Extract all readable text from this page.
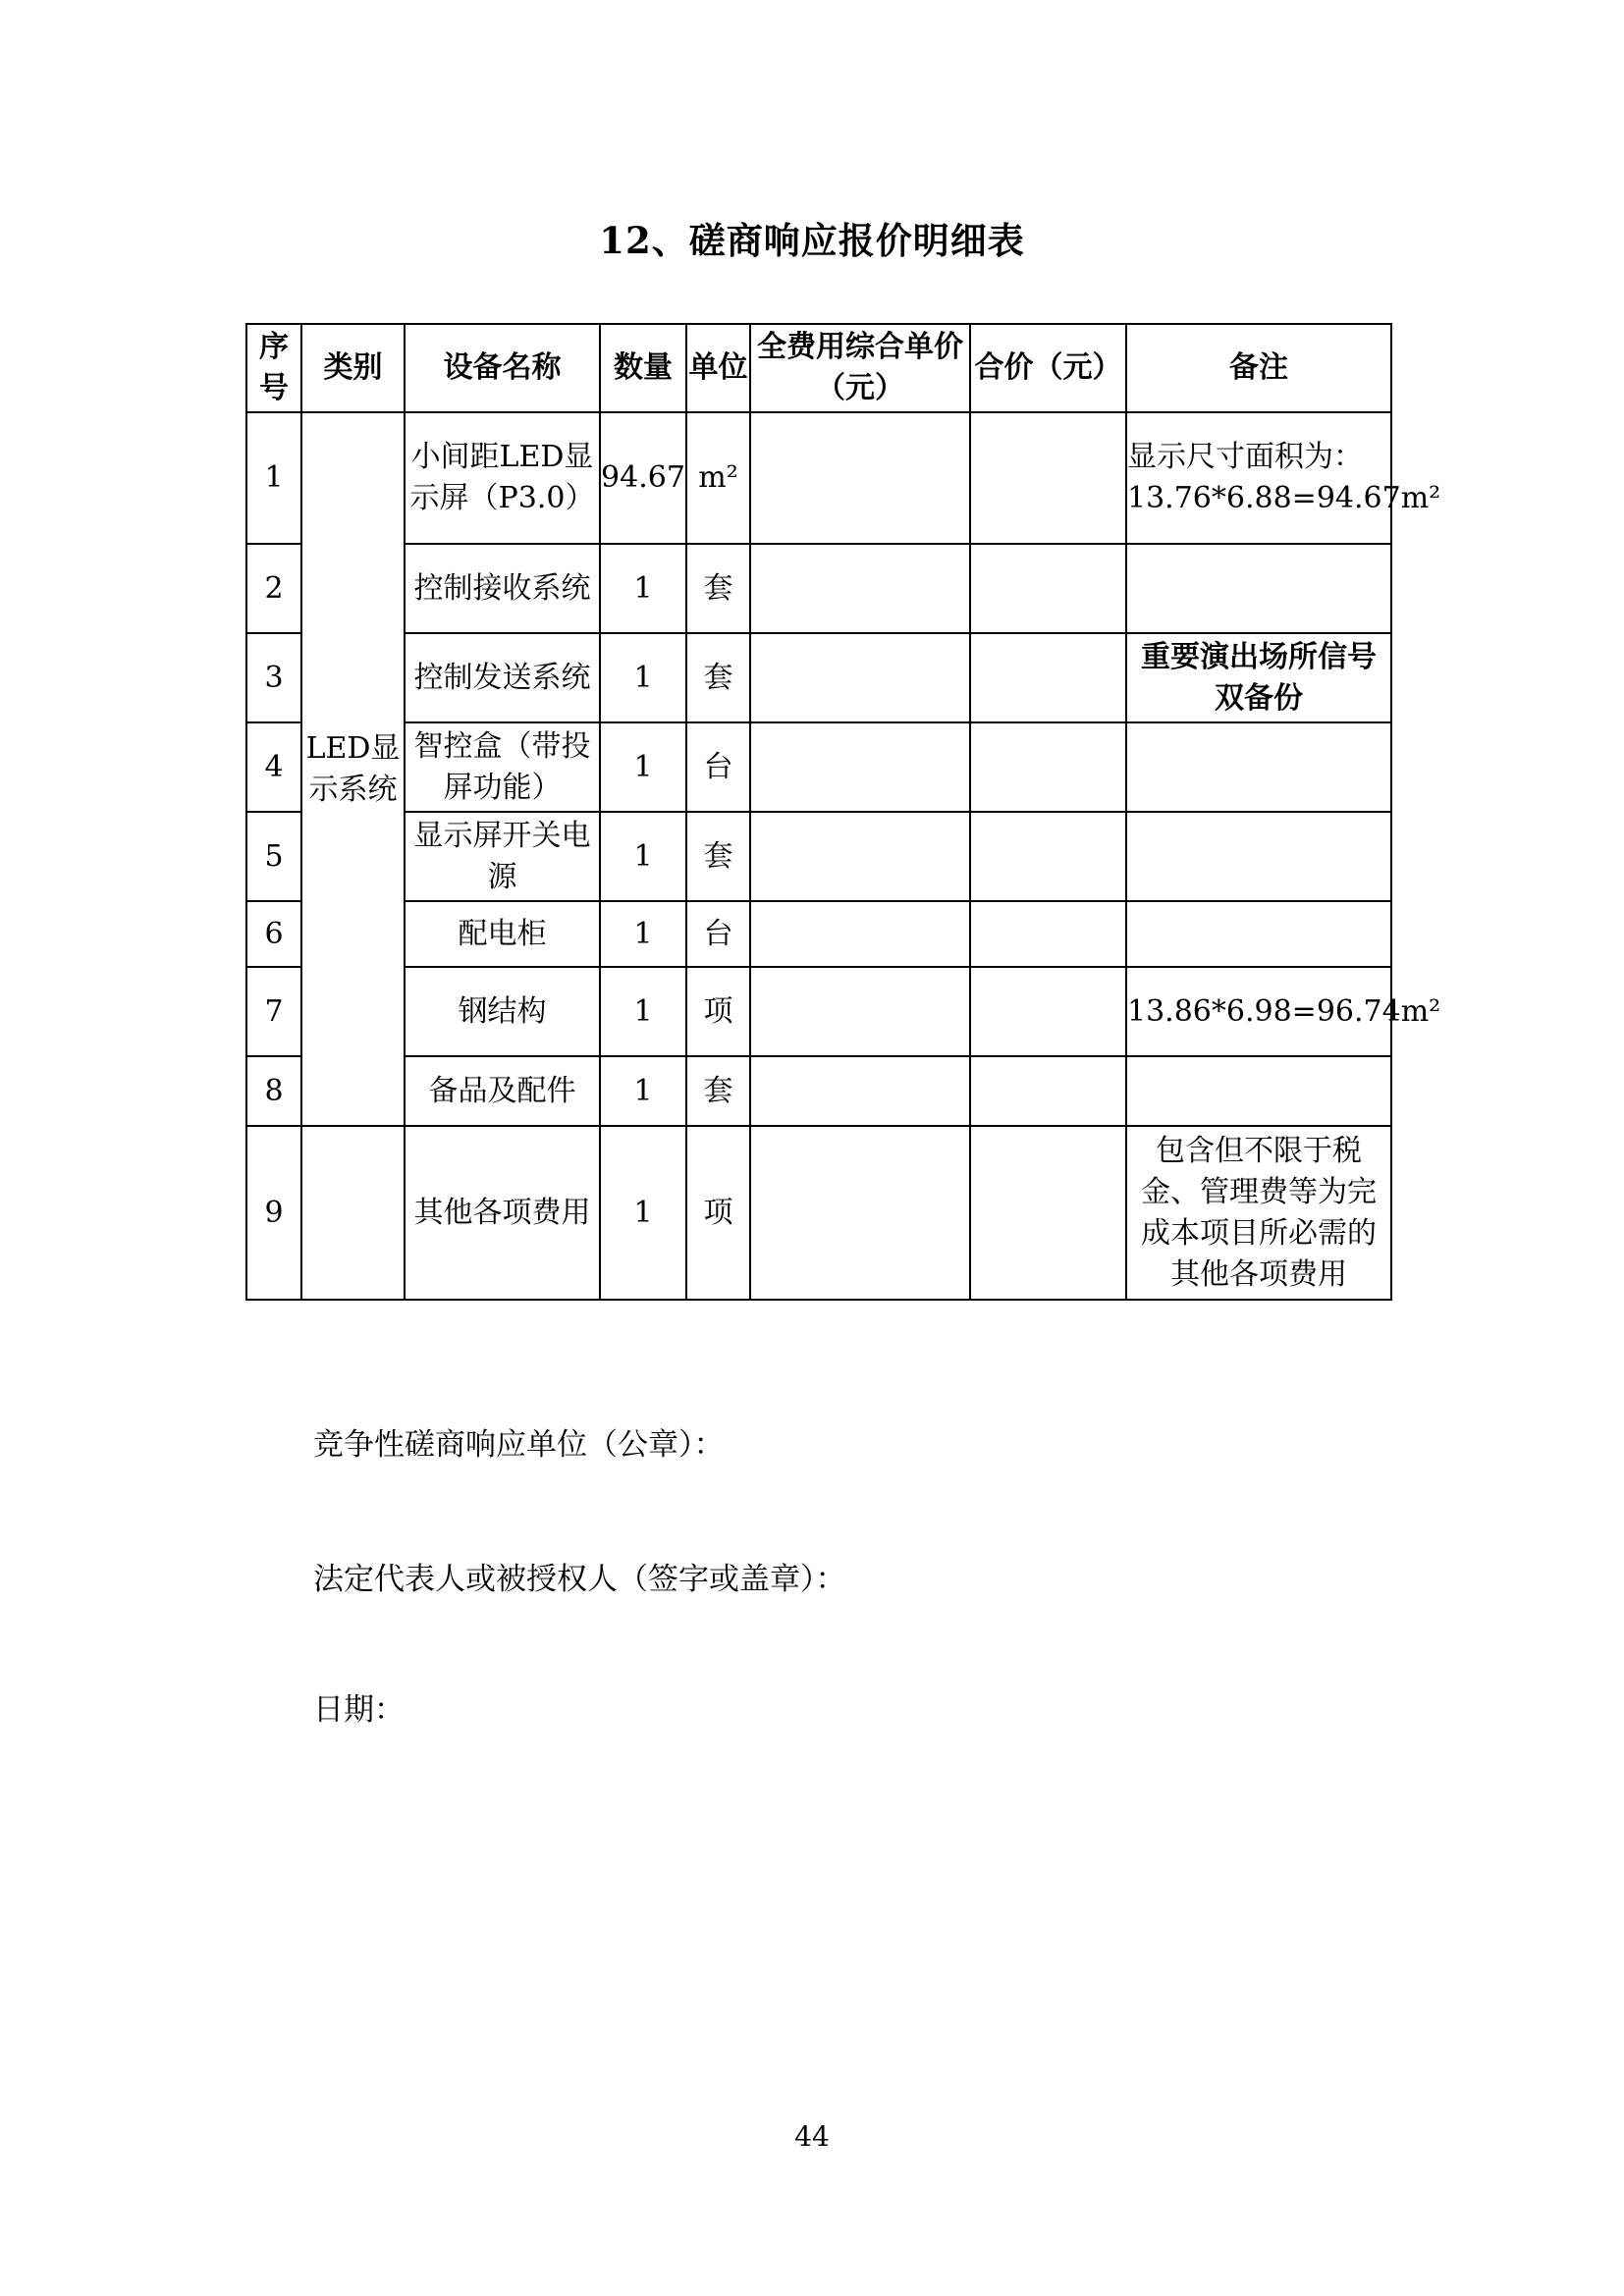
12、磋商响应报价明细表
序号	类别	设备名称	数量	单位	全费用综合单价（元）	合价（元）	备注
1	LED显示系统	小间距LED显示屏（P3.0）	94.67	m²			显示尺寸面积为：13.76*6.88=94.67m²
2		控制接收系统	1	套			
3		控制发送系统	1	套			重要演出场所信号双备份
4		智控盒（带投屏功能）	1	台			
5		显示屏开关电源	1	套			
6		配电柜	1	台			
7		钢结构	1	项			13.86*6.98=96.74m²
8		备品及配件	1	套			
9		其他各项费用	1	项			包含但不限于税金、管理费等为完成本项目所必需的其他各项费用
竞争性磋商响应单位（公章）：
法定代表人或被授权人（签字或盖章）：
日期：
44
